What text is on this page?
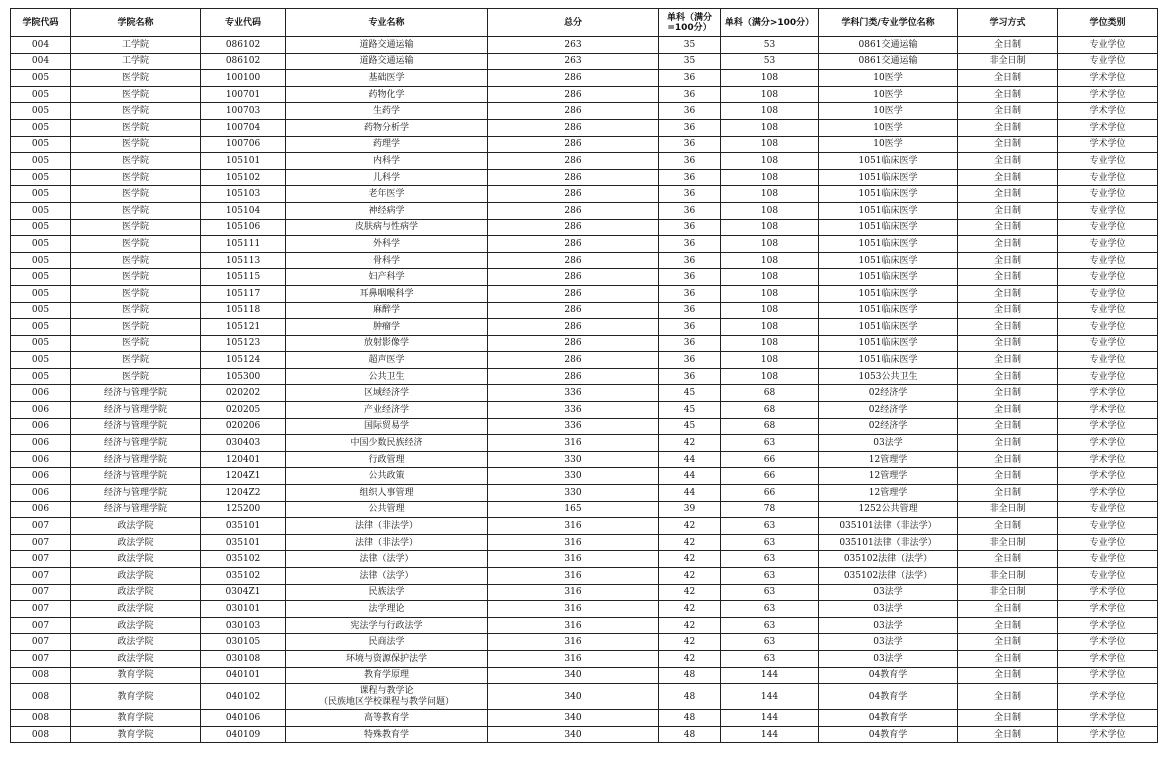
学院代码	学院名称	专业代码	专业名称	总分	单科（满分=100分）	单科（满分>100分）	学科门类/专业学位名称	学习方式	学位类别
004	工学院	086102	道路交通运输	263	35	53	0861交通运输	全日制	专业学位
004	工学院	086102	道路交通运输	263	35	53	0861交通运输	非全日制	专业学位
005	医学院	100100	基础医学	286	36	108	10医学	全日制	学术学位
005	医学院	100701	药物化学	286	36	108	10医学	全日制	学术学位
005	医学院	100703	生药学	286	36	108	10医学	全日制	学术学位
005	医学院	100704	药物分析学	286	36	108	10医学	全日制	学术学位
005	医学院	100706	药理学	286	36	108	10医学	全日制	学术学位
005	医学院	105101	内科学	286	36	108	1051临床医学	全日制	专业学位
005	医学院	105102	儿科学	286	36	108	1051临床医学	全日制	专业学位
005	医学院	105103	老年医学	286	36	108	1051临床医学	全日制	专业学位
005	医学院	105104	神经病学	286	36	108	1051临床医学	全日制	专业学位
005	医学院	105106	皮肤病与性病学	286	36	108	1051临床医学	全日制	专业学位
005	医学院	105111	外科学	286	36	108	1051临床医学	全日制	专业学位
005	医学院	105113	骨科学	286	36	108	1051临床医学	全日制	专业学位
005	医学院	105115	妇产科学	286	36	108	1051临床医学	全日制	专业学位
005	医学院	105117	耳鼻咽喉科学	286	36	108	1051临床医学	全日制	专业学位
005	医学院	105118	麻醉学	286	36	108	1051临床医学	全日制	专业学位
005	医学院	105121	肿瘤学	286	36	108	1051临床医学	全日制	专业学位
005	医学院	105123	放射影像学	286	36	108	1051临床医学	全日制	专业学位
005	医学院	105124	超声医学	286	36	108	1051临床医学	全日制	专业学位
005	医学院	105300	公共卫生	286	36	108	1053公共卫生	全日制	专业学位
006	经济与管理学院	020202	区域经济学	336	45	68	02经济学	全日制	学术学位
006	经济与管理学院	020205	产业经济学	336	45	68	02经济学	全日制	学术学位
006	经济与管理学院	020206	国际贸易学	336	45	68	02经济学	全日制	学术学位
006	经济与管理学院	030403	中国少数民族经济	316	42	63	03法学	全日制	学术学位
006	经济与管理学院	120401	行政管理	330	44	66	12管理学	全日制	学术学位
006	经济与管理学院	1204Z1	公共政策	330	44	66	12管理学	全日制	学术学位
006	经济与管理学院	1204Z2	组织人事管理	330	44	66	12管理学	全日制	学术学位
006	经济与管理学院	125200	公共管理	165	39	78	1252公共管理	非全日制	专业学位
007	政法学院	035101	法律（非法学）	316	42	63	035101法律（非法学）	全日制	专业学位
007	政法学院	035101	法律（非法学）	316	42	63	035101法律（非法学）	非全日制	专业学位
007	政法学院	035102	法律（法学）	316	42	63	035102法律（法学）	全日制	专业学位
007	政法学院	035102	法律（法学）	316	42	63	035102法律（法学）	非全日制	专业学位
007	政法学院	0304Z1	民族法学	316	42	63	03法学	非全日制	学术学位
007	政法学院	030101	法学理论	316	42	63	03法学	全日制	学术学位
007	政法学院	030103	宪法学与行政法学	316	42	63	03法学	全日制	学术学位
007	政法学院	030105	民商法学	316	42	63	03法学	全日制	学术学位
007	政法学院	030108	环境与资源保护法学	316	42	63	03法学	全日制	学术学位
008	教育学院	040101	教育学原理	340	48	144	04教育学	全日制	学术学位
008	教育学院	040102	课程与教学论
（民族地区学校课程与教学问题）	340	48	144	04教育学	全日制	学术学位
008	教育学院	040106	高等教育学	340	48	144	04教育学	全日制	学术学位
008	教育学院	040109	特殊教育学	340	48	144	04教育学	全日制	学术学位
